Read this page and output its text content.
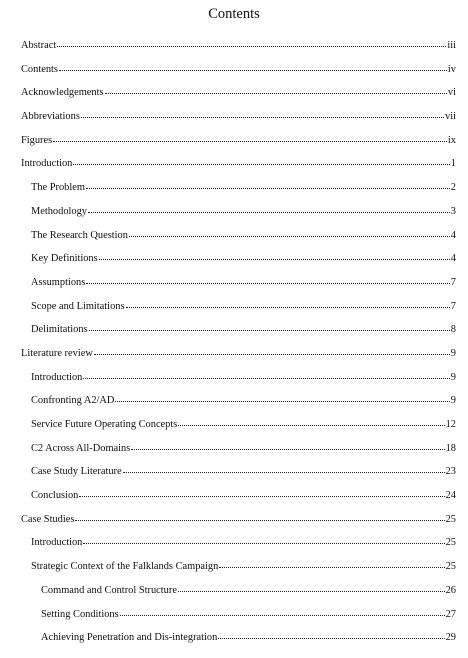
Contents
Abstract	iii
Contents	iv
Acknowledgements	vi
Abbreviations	vii
Figures	ix
Introduction	1
The Problem	2
Methodology	3
The Research Question	4
Key Definitions	4
Assumptions	7
Scope and Limitations	7
Delimitations	8
Literature review	9
Introduction	9
Confronting A2/AD	9
Service Future Operating Concepts	12
C2 Across All-Domains	18
Case Study Literature	23
Conclusion	24
Case Studies	25
Introduction	25
Strategic Context of the Falklands Campaign	25
Command and Control Structure	26
Setting Conditions	27
Achieving Penetration and Dis-integration	29
